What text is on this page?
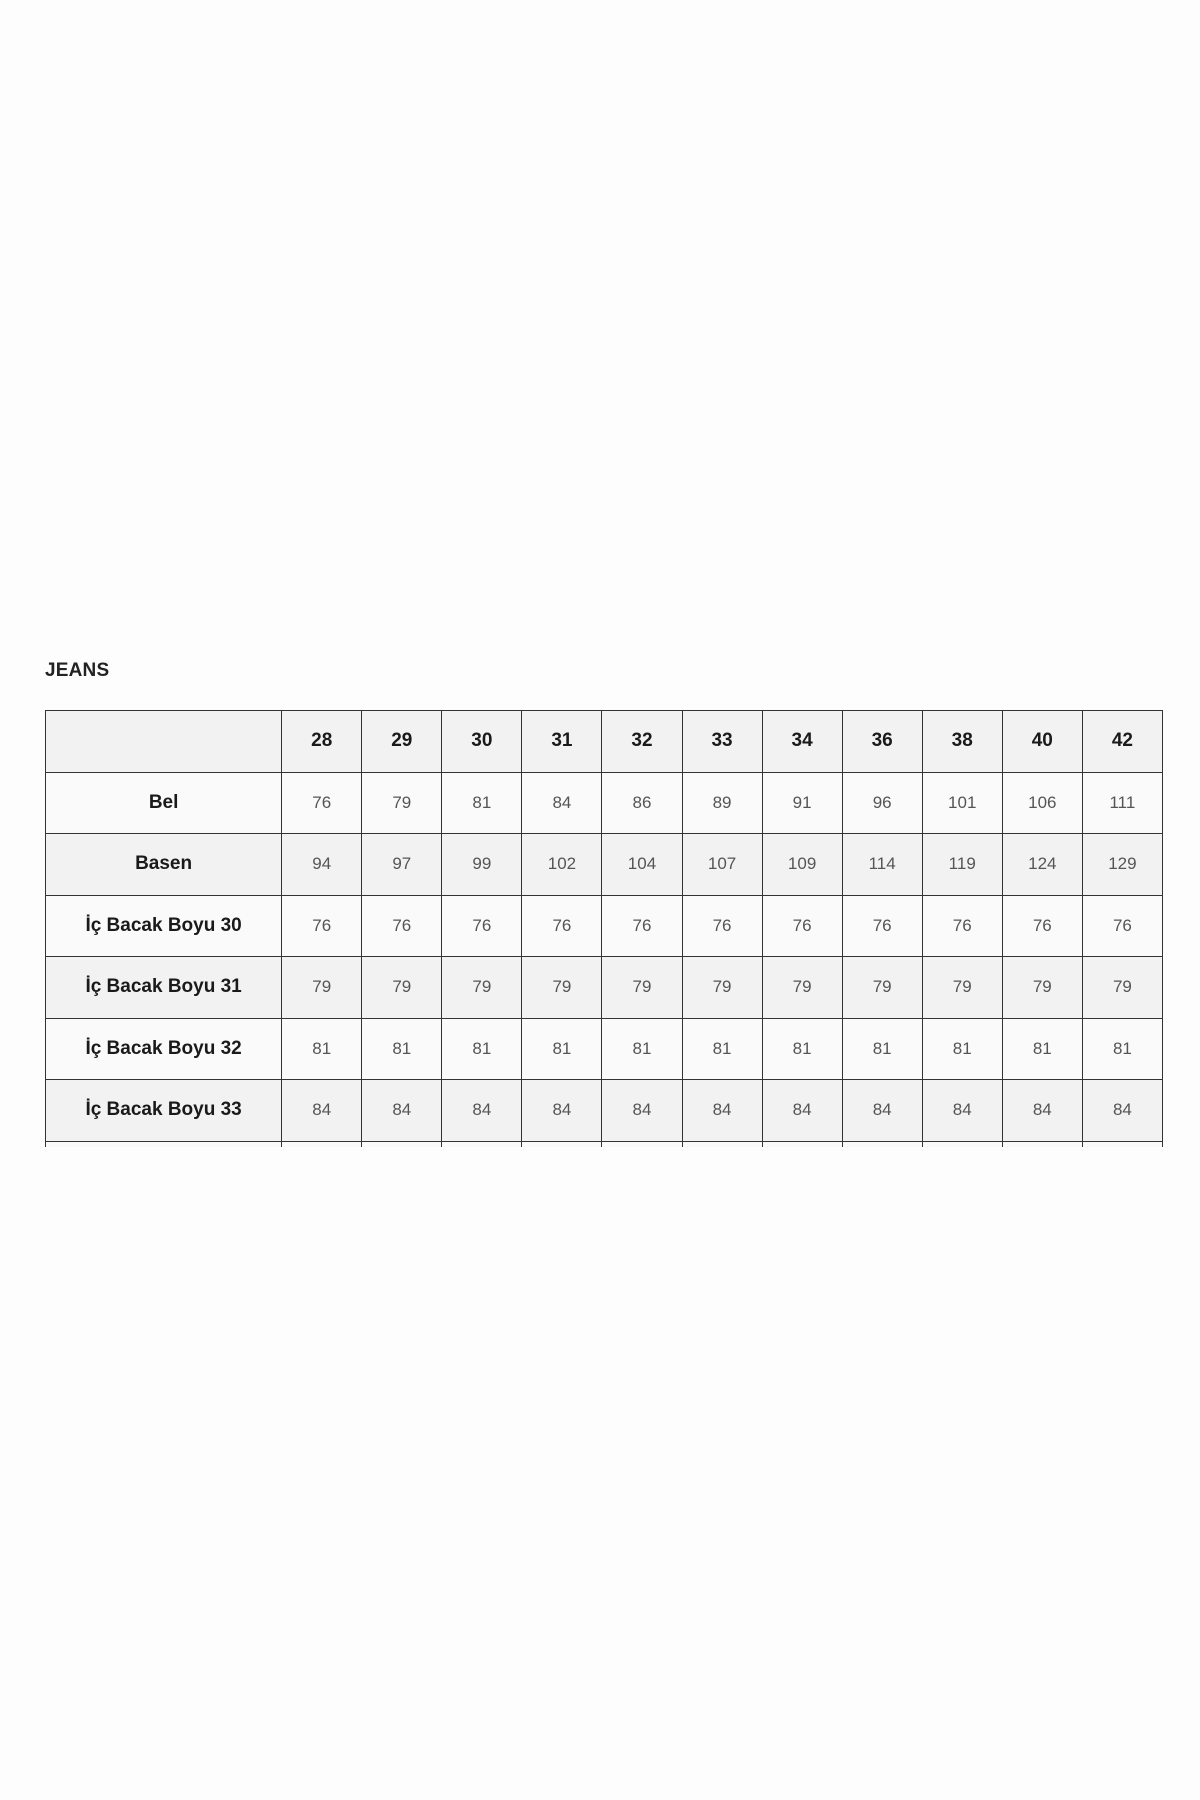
JEANS
	28	29	30	31	32	33	34	36	38	40	42
Bel	76	79	81	84	86	89	91	96	101	106	111
Basen	94	97	99	102	104	107	109	114	119	124	129
İç Bacak Boyu 30	76	76	76	76	76	76	76	76	76	76	76
İç Bacak Boyu 31	79	79	79	79	79	79	79	79	79	79	79
İç Bacak Boyu 32	81	81	81	81	81	81	81	81	81	81	81
İç Bacak Boyu 33	84	84	84	84	84	84	84	84	84	84	84
